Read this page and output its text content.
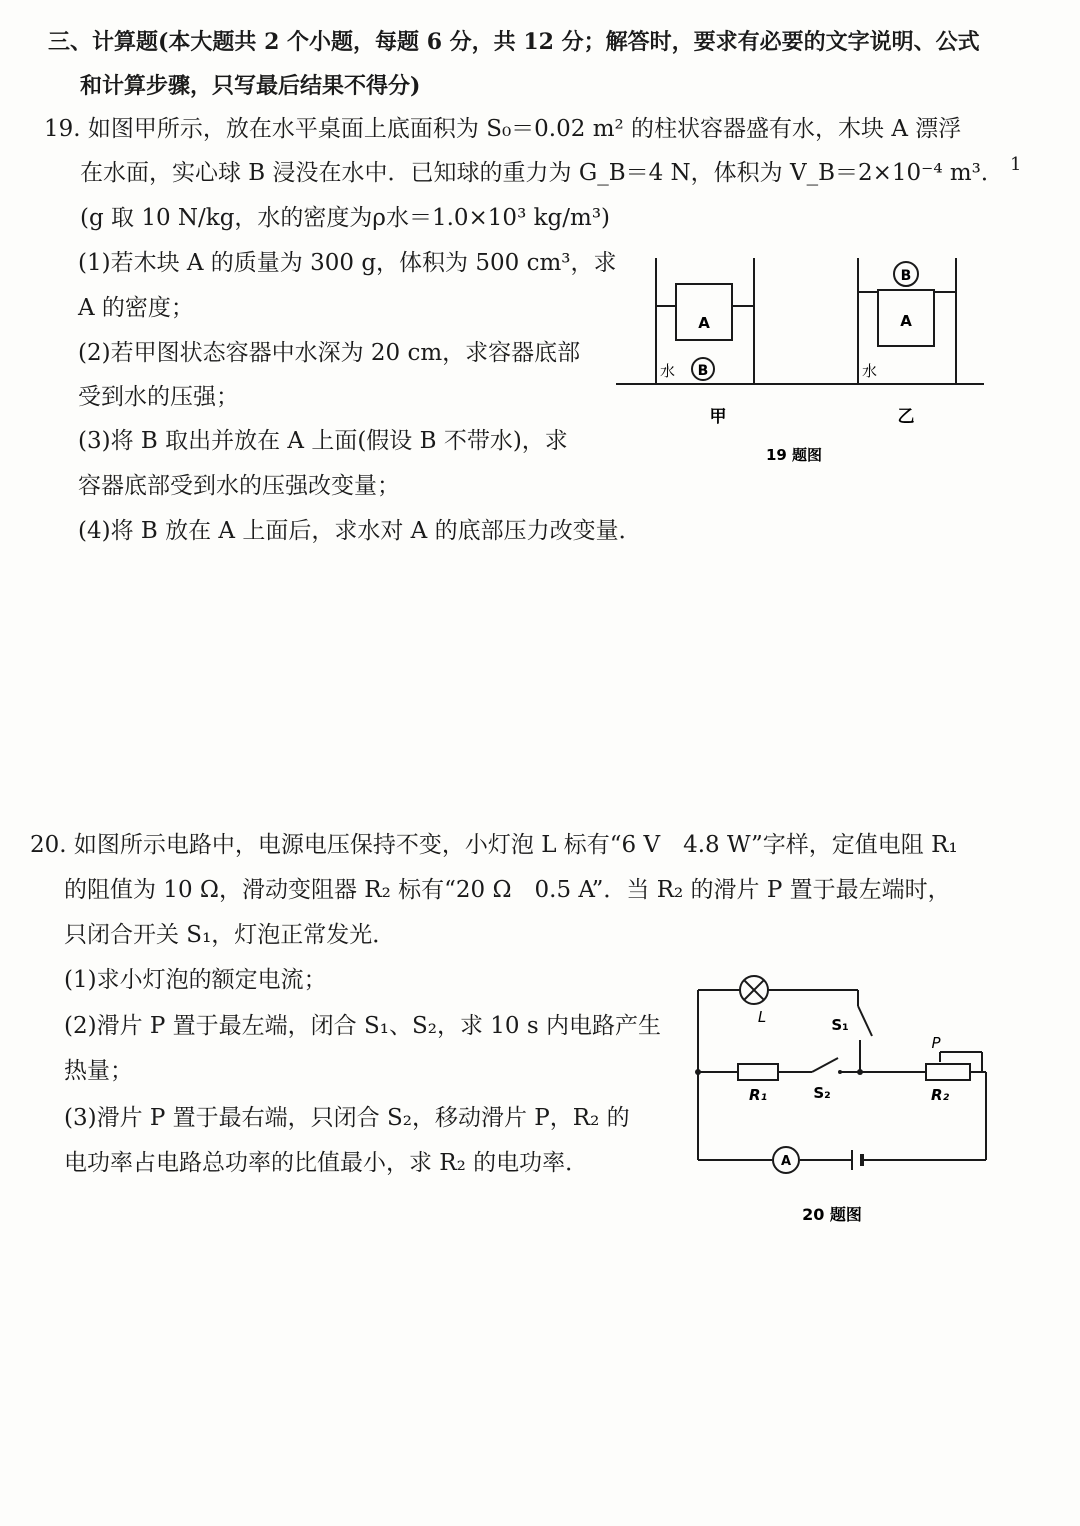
三、计算题(本大题共 2 个小题，每题 6 分，共 12 分；解答时，要求有必要的文字说明、公式
和计算步骤，只写最后结果不得分)
1
19. 如图甲所示，放在水平桌面上底面积为 S₀＝0.02 m² 的柱状容器盛有水，木块 A 漂浮
在水面，实心球 B 浸没在水中．已知球的重力为 G_B＝4 N，体积为 V_B＝2×10⁻⁴ m³．
(g 取 10 N/kg，水的密度为ρ水＝1.0×10³ kg/m³)
(1)若木块 A 的质量为 300 g，体积为 500 cm³，求
A 的密度；
(2)若甲图状态容器中水深为 20 cm，求容器底部
受到水的压强；
(3)将 B 取出并放在 A 上面(假设 B 不带水)，求
容器底部受到水的压强改变量；
(4)将 B 放在 A 上面后，求水对 A 的底部压力改变量．
A
B
水
A
B
水
甲	乙
19 题图
20. 如图所示电路中，电源电压保持不变，小灯泡 L 标有“6 V　4.8 W”字样，定值电阻 R₁
的阻值为 10 Ω，滑动变阻器 R₂ 标有“20 Ω　0.5 A”．当 R₂ 的滑片 P 置于最左端时，
只闭合开关 S₁，灯泡正常发光．
(1)求小灯泡的额定电流；
(2)滑片 P 置于最左端，闭合 S₁、S₂，求 10 s 内电路产生
热量；
(3)滑片 P 置于最右端，只闭合 S₂，移动滑片 P，R₂ 的
电功率占电路总功率的比值最小，求 R₂ 的电功率．
L	S₁
S₂
R₁	R₂
P
A
20 题图
